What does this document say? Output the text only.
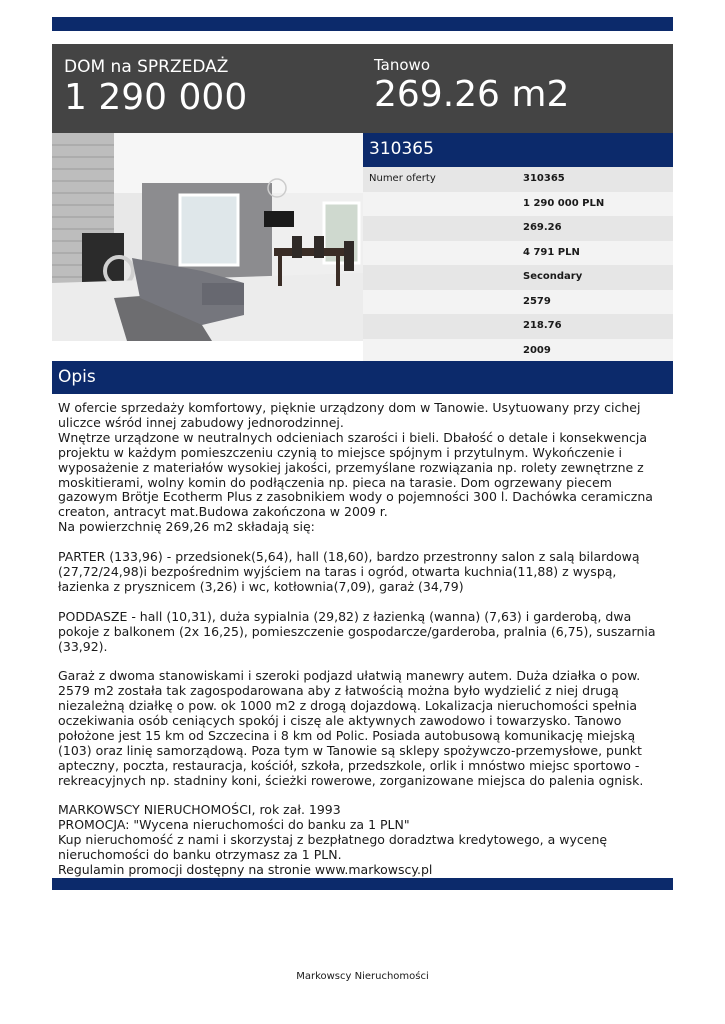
DOM na SPRZEDAŻ
1 290 000
Tanowo
269.26 m2
310365
Numer oferty	310365
1 290 000 PLN
269.26
4 791 PLN
Secondary
2579
218.76
2009
Opis
W ofercie sprzedaży komfortowy, pięknie urządzony dom w Tanowie. Usytuowany przy cichej uliczce wśród innej zabudowy jednorodzinnej.
Wnętrze urządzone w neutralnych odcieniach szarości i bieli. Dbałość o detale i konsekwencja projektu w każdym pomieszczeniu czynią to miejsce spójnym i przytulnym. Wykończenie i wyposażenie z materiałów wysokiej jakości, przemyślane rozwiązania np. rolety zewnętrzne z moskitierami, wolny komin do podłączenia np. pieca na tarasie. Dom ogrzewany piecem gazowym Brötje Ecotherm Plus z zasobnikiem wody o pojemności 300 l. Dachówka ceramiczna creaton, antracyt mat.Budowa zakończona w 2009 r.
Na powierzchnię 269,26 m2 składają się:

PARTER (133,96) - przedsionek(5,64), hall (18,60), bardzo przestronny salon z salą bilardową (27,72/24,98)i bezpośrednim wyjściem na taras i ogród, otwarta kuchnia(11,88) z wyspą, łazienka z prysznicem (3,26) i wc, kotłownia(7,09), garaż (34,79)

PODDASZE - hall (10,31), duża sypialnia (29,82) z łazienką (wanna) (7,63) i garderobą, dwa pokoje z balkonem (2x 16,25), pomieszczenie gospodarcze/garderoba, pralnia (6,75), suszarnia (33,92).

Garaż z dwoma stanowiskami i szeroki podjazd ułatwią manewry autem. Duża działka o pow. 2579 m2 została tak zagospodarowana aby z łatwością można było wydzielić z niej drugą niezależną działkę o pow. ok 1000 m2 z drogą dojazdową. Lokalizacja nieruchomości spełnia oczekiwania osób ceniących spokój i ciszę ale aktywnych zawodowo i towarzysko. Tanowo położone jest 15 km od Szczecina i 8 km od Polic. Posiada autobusową komunikację miejską (103) oraz linię samorządową. Poza tym w Tanowie są sklepy spożywczo-przemysłowe, punkt apteczny, poczta, restauracja, kościół, szkoła, przedszkole, orlik i mnóstwo miejsc sportowo -rekreacyjnych np. stadniny koni, ścieżki rowerowe, zorganizowane miejsca do palenia ognisk.

MARKOWSCY NIERUCHOMOŚCI, rok zał. 1993
PROMOCJA: "Wycena nieruchomości do banku za 1 PLN"
Kup nieruchomość z nami i skorzystaj z bezpłatnego doradztwa kredytowego, a wycenę nieruchomości do banku otrzymasz za 1 PLN.
Regulamin promocji dostępny na stronie www.markowscy.pl
Markowscy Nieruchomości
